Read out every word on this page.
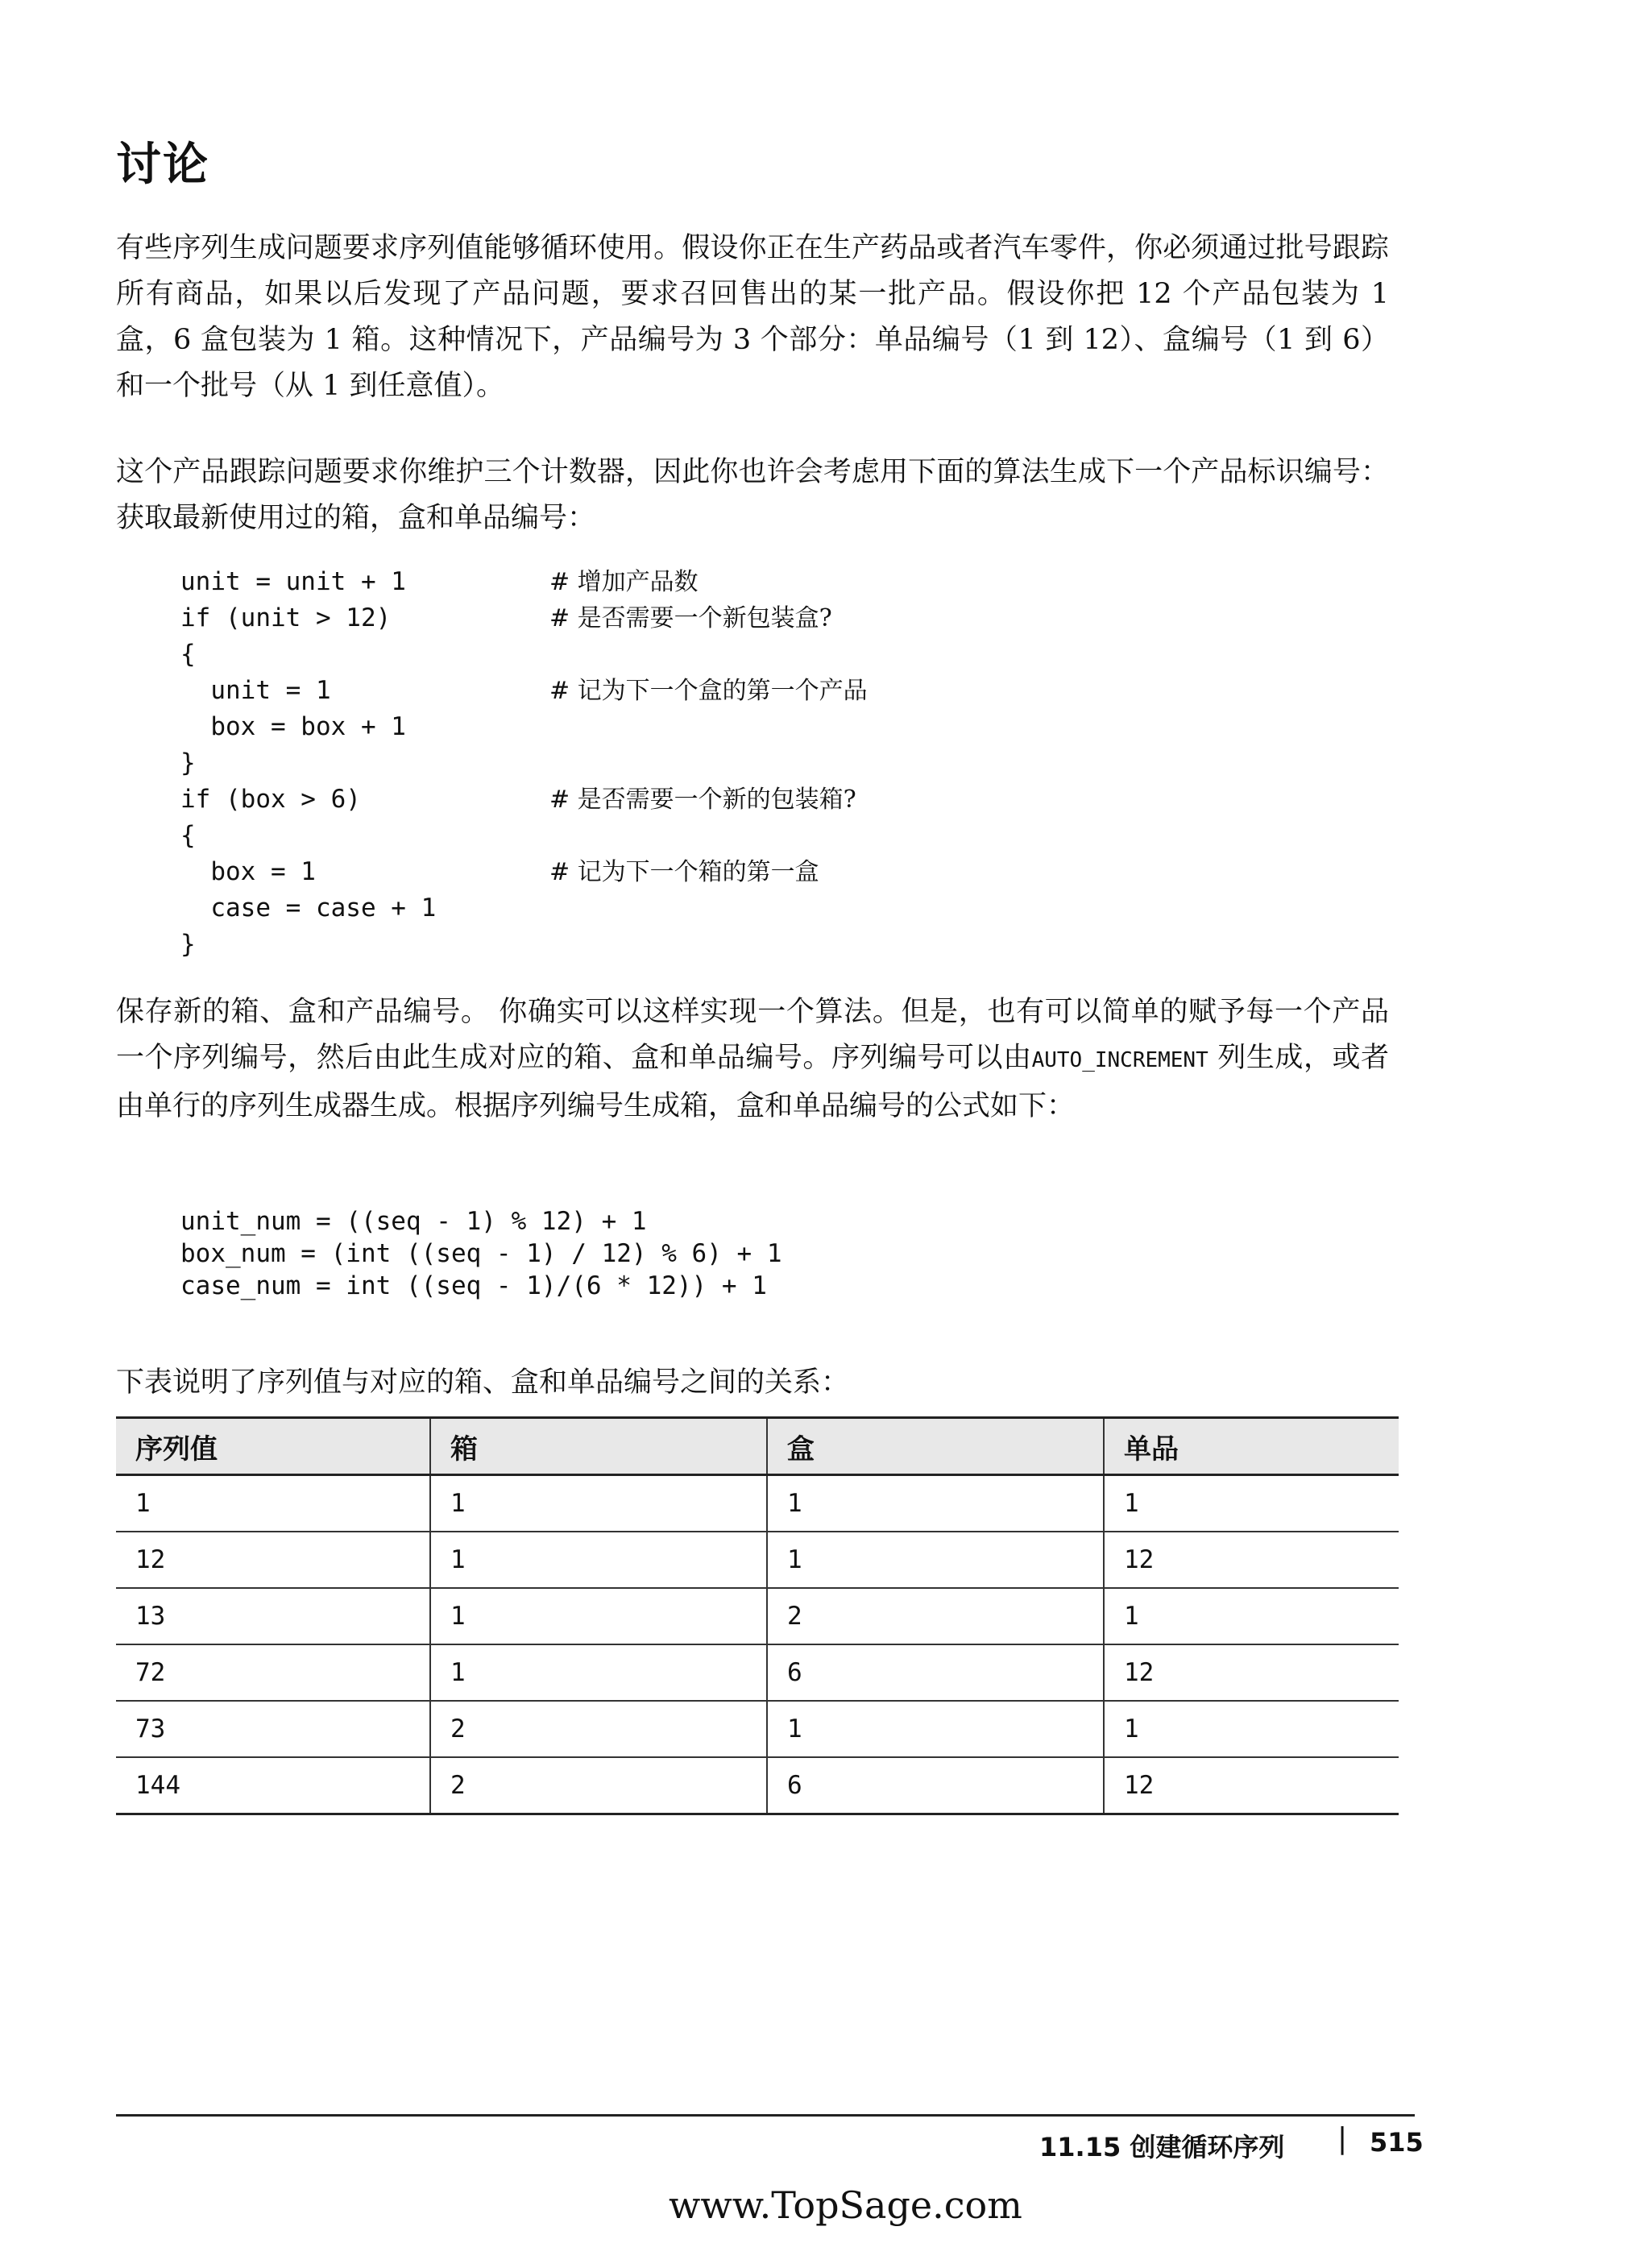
讨论

有些序列生成问题要求序列值能够循环使用。假设你正在生产药品或者汽车零件，你必须通过批号跟踪所有商品，如果以后发现了产品问题，要求召回售出的某一批产品。假设你把 12 个产品包装为 1 盒，6 盒包装为 1 箱。这种情况下，产品编号为 3 个部分：单品编号（1 到 12）、盒编号（1 到 6）和一个批号（从 1 到任意值）。

这个产品跟踪问题要求你维护三个计数器，因此你也许会考虑用下面的算法生成下一个产品标识编号：获取最新使用过的箱，盒和单品编号：

unit = unit + 1	# 增加产品数
if (unit > 12)	# 是否需要一个新包装盒?
{
unit = 1	# 记为下一个盒的第一个产品
box = box + 1
}
if (box > 6)	# 是否需要一个新的包装箱?
{
box = 1	# 记为下一个箱的第一盒
case = case + 1
}

保存新的箱、盒和产品编号。 你确实可以这样实现一个算法。但是，也有可以简单的赋予每一个产品一个序列编号，然后由此生成对应的箱、盒和单品编号。序列编号可以由AUTO_INCREMENT 列生成，或者由单行的序列生成器生成。根据序列编号生成箱，盒和单品编号的公式如下：

unit_num = ((seq - 1) % 12) + 1
box_num = (int ((seq - 1) / 12) % 6) + 1
case_num = int ((seq - 1)/(6 * 12)) + 1

下表说明了序列值与对应的箱、盒和单品编号之间的关系：

序列值	箱	盒	单品
1	1	1	1
12	1	1	12
13	1	2	1
72	1	6	12
73	2	1	1
144	2	6	12
11.15 创建循环序列 | 515
www.TopSage.com
